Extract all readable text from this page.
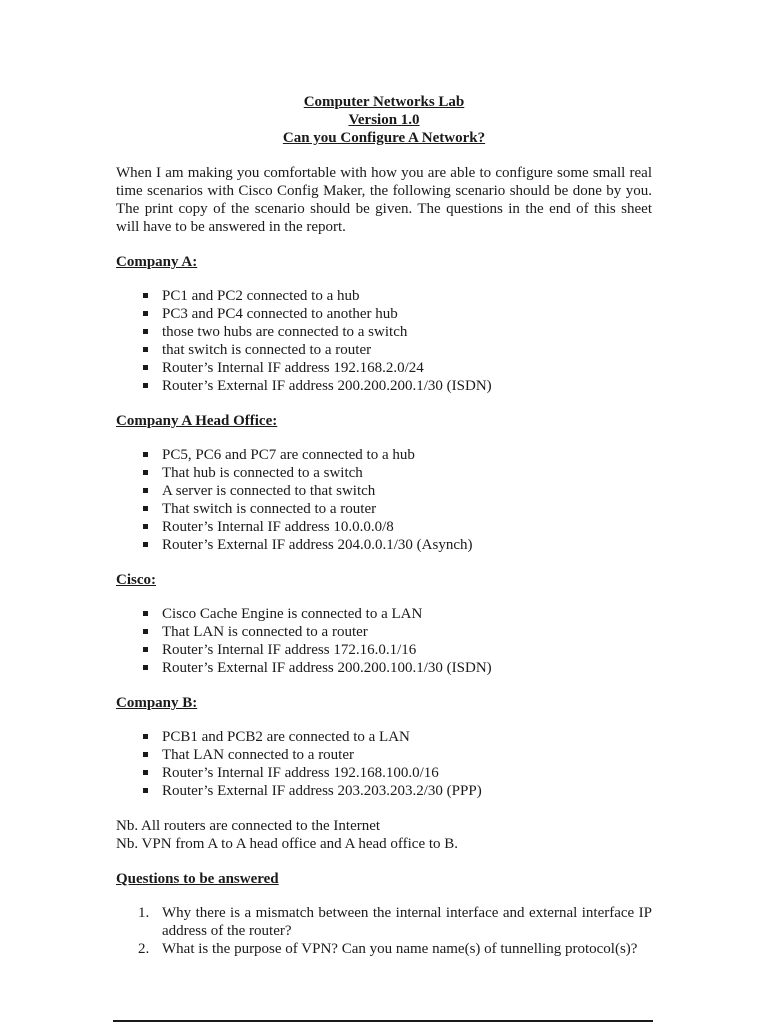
Computer Networks Lab
Version 1.0
Can you Configure A Network?

When I am making you comfortable with how you are able to configure some small real time scenarios with Cisco Config Maker, the following scenario should be done by you. The print copy of the scenario should be given. The questions in the end of this sheet will have to be answered in the report.

Company A:
PC1 and PC2 connected to a hub
PC3 and PC4 connected to another hub
those two hubs are connected to a switch
that switch is connected to a router
Router’s Internal IF address 192.168.2.0/24
Router’s External IF address 200.200.200.1/30 (ISDN)
Company A Head Office:
PC5, PC6 and PC7 are connected to a hub
That hub is connected to a switch
A server is connected to that switch
That switch is connected to a router
Router’s Internal IF address 10.0.0.0/8
Router’s External IF address 204.0.0.1/30 (Asynch)
Cisco:
Cisco Cache Engine is connected to a LAN
That LAN is connected to a router
Router’s Internal IF address 172.16.0.1/16
Router’s External IF address 200.200.100.1/30 (ISDN)
Company B:
PCB1 and PCB2 are connected to a LAN
That LAN connected to a router
Router’s Internal IF address 192.168.100.0/16
Router’s External IF address 203.203.203.2/30 (PPP)
Nb. All routers are connected to the Internet
Nb. VPN from A to A head office and A head office to B.
Questions to be answered
1. Why there is a mismatch between the internal interface and external interface IP address of the router?
2. What is the purpose of VPN? Can you name name(s) of tunnelling protocol(s)?
